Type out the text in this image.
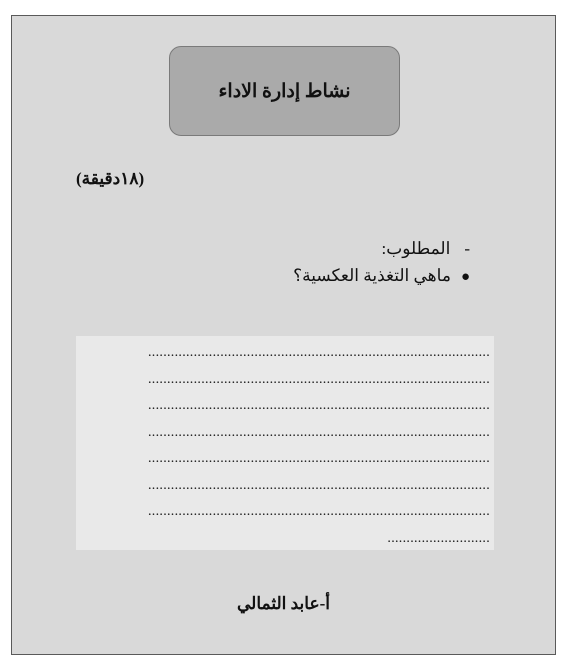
نشاط إدارة الاداء
(١٨دقيقة)
-المطلوب:
●ماهي التغذية العكسية؟
..........................................................................................
..........................................................................................
..........................................................................................
..........................................................................................
..........................................................................................
..........................................................................................
..........................................................................................
...........................
أ-عابد الثمالي
